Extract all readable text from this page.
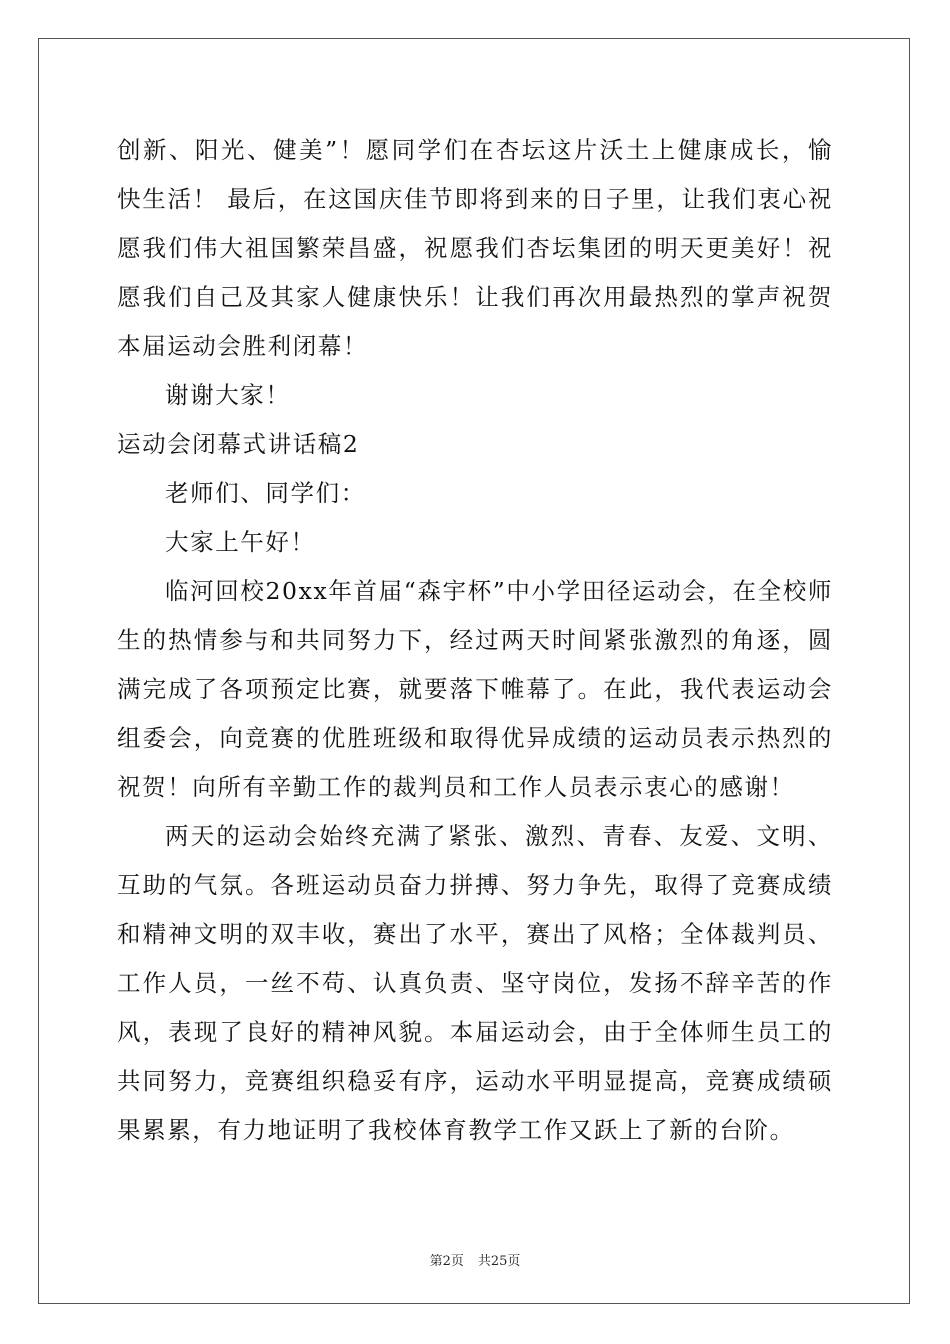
创新、阳光、健美”！愿同学们在杏坛这片沃土上健康成长，愉快生活！ 最后，在这国庆佳节即将到来的日子里，让我们衷心祝愿我们伟大祖国繁荣昌盛，祝愿我们杏坛集团的明天更美好！祝愿我们自己及其家人健康快乐！让我们再次用最热烈的掌声祝贺本届运动会胜利闭幕！

谢谢大家！

运动会闭幕式讲话稿2

老师们、同学们：

大家上午好！

临河回校20xx年首届“森宇杯”中小学田径运动会，在全校师生的热情参与和共同努力下，经过两天时间紧张激烈的角逐，圆满完成了各项预定比赛，就要落下帷幕了。在此，我代表运动会组委会，向竞赛的优胜班级和取得优异成绩的运动员表示热烈的祝贺！向所有辛勤工作的裁判员和工作人员表示衷心的感谢！

两天的运动会始终充满了紧张、激烈、青春、友爱、文明、互助的气氛。各班运动员奋力拼搏、努力争先，取得了竞赛成绩和精神文明的双丰收，赛出了水平，赛出了风格；全体裁判员、工作人员，一丝不苟、认真负责、坚守岗位，发扬不辞辛苦的作风，表现了良好的精神风貌。本届运动会，由于全体师生员工的共同努力，竞赛组织稳妥有序，运动水平明显提高，竞赛成绩硕果累累，有力地证明了我校体育教学工作又跃上了新的台阶。

第2页 共25页
